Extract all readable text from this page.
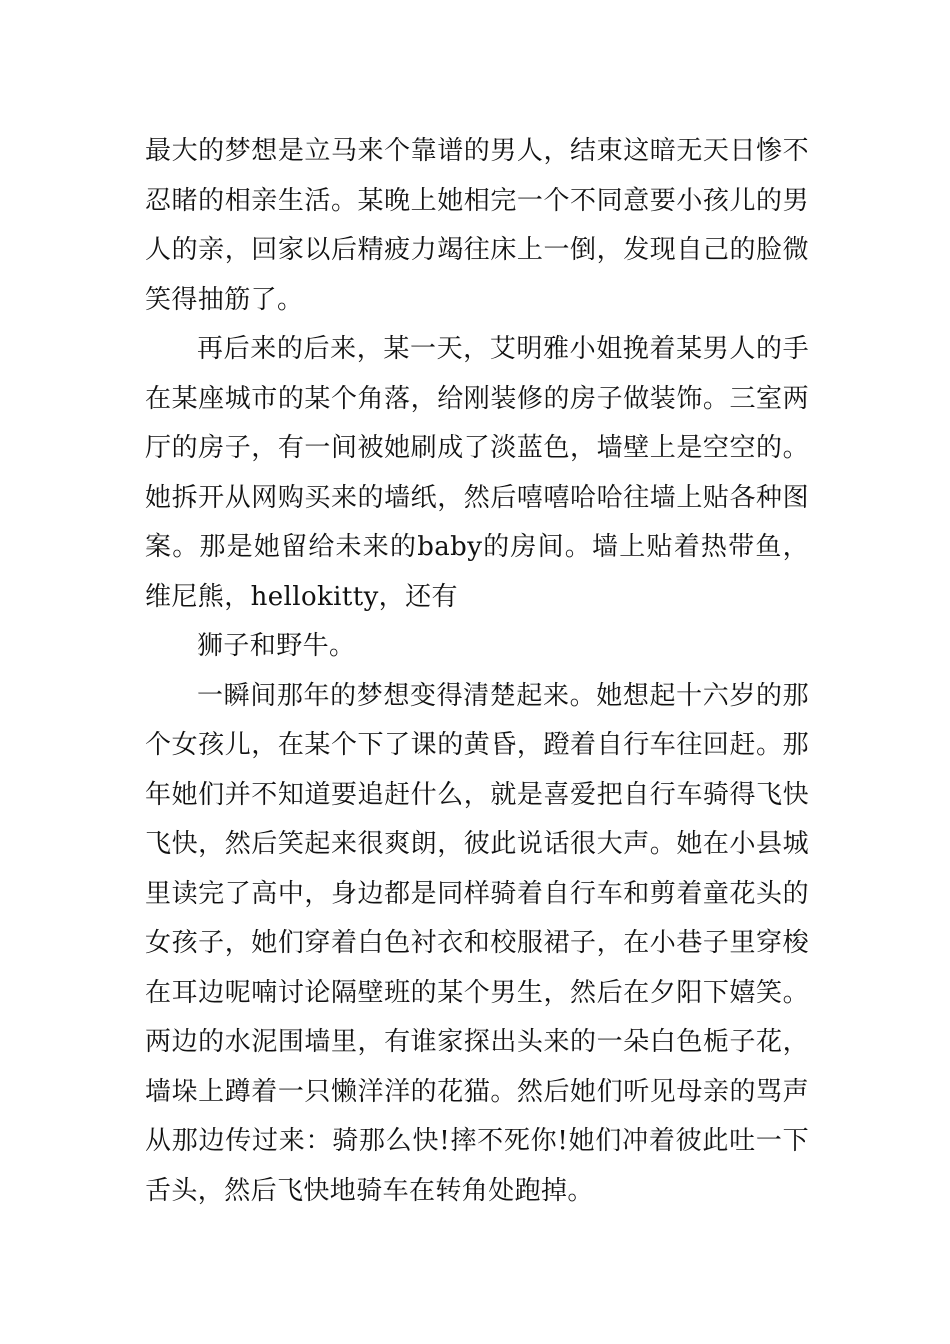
最大的梦想是立马来个靠谱的男人，结束这暗无天日惨不忍睹的相亲生活。某晚上她相完一个不同意要小孩儿的男人的亲，回家以后精疲力竭往床上一倒，发现自己的脸微笑得抽筋了。

再后来的后来，某一天，艾明雅小姐挽着某男人的手在某座城市的某个角落，给刚装修的房子做装饰。三室两厅的房子，有一间被她刷成了淡蓝色，墙壁上是空空的。她拆开从网购买来的墙纸，然后嘻嘻哈哈往墙上贴各种图案。那是她留给未来的baby的房间。墙上贴着热带鱼，维尼熊，hellokitty，还有

狮子和野牛。

一瞬间那年的梦想变得清楚起来。她想起十六岁的那个女孩儿，在某个下了课的黄昏，蹬着自行车往回赶。那年她们并不知道要追赶什么，就是喜爱把自行车骑得飞快飞快，然后笑起来很爽朗，彼此说话很大声。她在小县城里读完了高中，身边都是同样骑着自行车和剪着童花头的女孩子，她们穿着白色衬衣和校服裙子，在小巷子里穿梭在耳边呢喃讨论隔壁班的某个男生，然后在夕阳下嬉笑。两边的水泥围墙里，有谁家探出头来的一朵白色栀子花，墙垛上蹲着一只懒洋洋的花猫。然后她们听见母亲的骂声从那边传过来：骑那么快!摔不死你!她们冲着彼此吐一下舌头，然后飞快地骑车在转角处跑掉。
